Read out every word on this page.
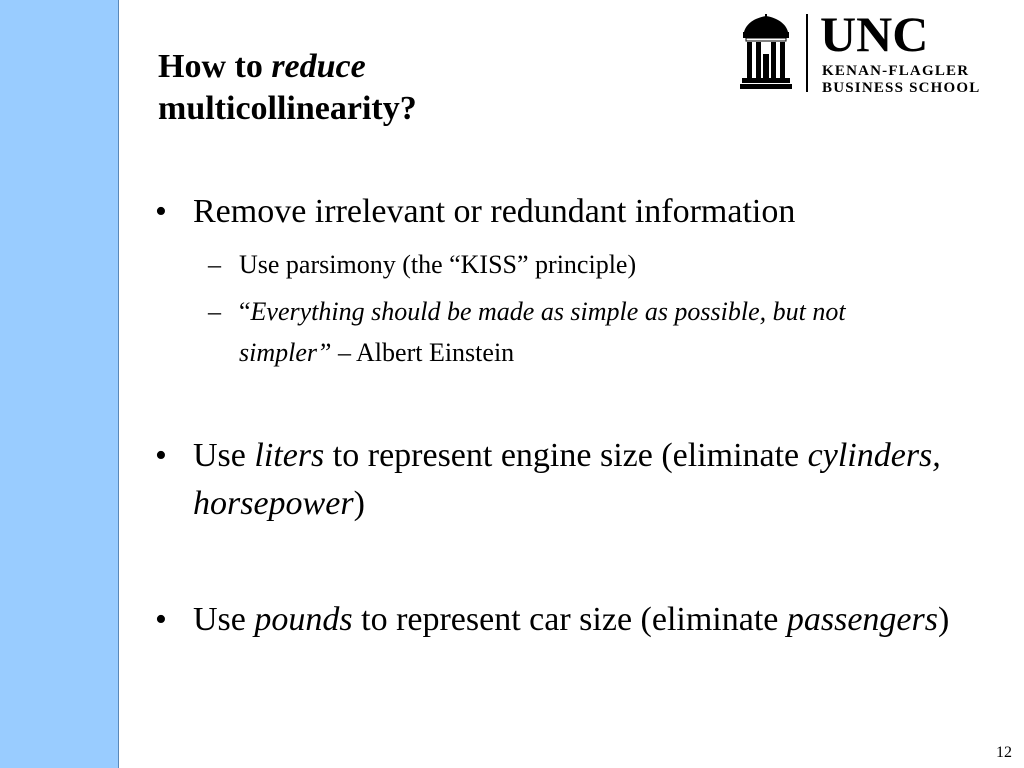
How to reduce
multicollinearity?
UNC
KENAN-FLAGLER
BUSINESS SCHOOL
• Remove irrelevant or redundant information
– Use parsimony (the “KISS” principle)
– “Everything should be made as simple as possible, but not
simpler” – Albert Einstein
• Use liters to represent engine size (eliminate cylinders,
horsepower)
• Use pounds to represent car size (eliminate passengers)
12
